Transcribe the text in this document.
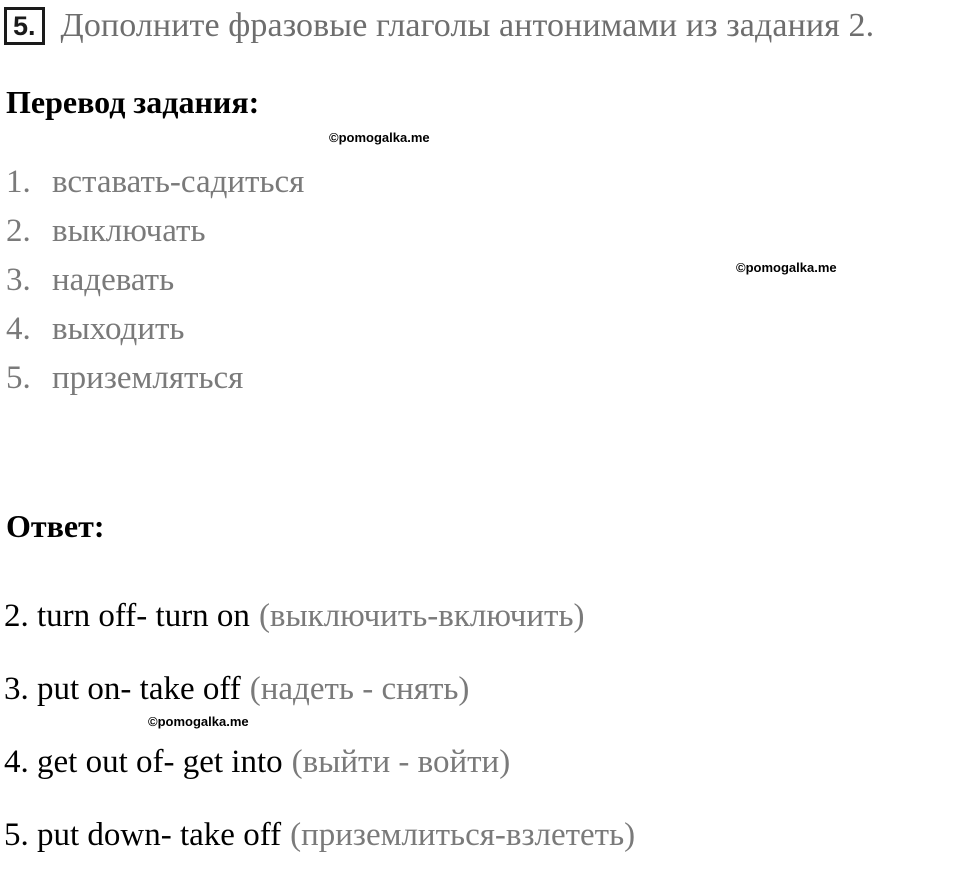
5. Дополните фразовые глаголы антонимами из задания 2.
Перевод задания:
©pomogalka.me
©pomogalka.me
©pomogalka.me
1. вставать-садиться
2. выключать
3. надевать
4. выходить
5. приземляться
Ответ:
2. turn off- turn on (выключить-включить)
3. put on- take off (надеть - снять)
4. get out of- get into (выйти - войти)
5. put down- take off (приземлиться-взлететь)
